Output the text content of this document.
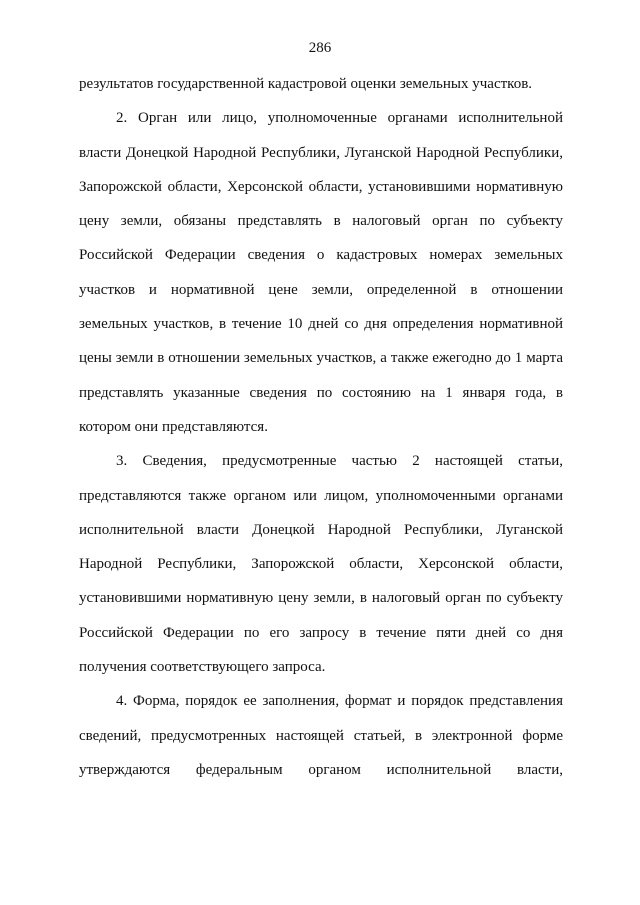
286
результатов государственной кадастровой оценки земельных участков.
2. Орган или лицо, уполномоченные органами исполнительной
власти Донецкой Народной Республики, Луганской Народной Республики,
Запорожской области, Херсонской области, установившими нормативную
цену земли, обязаны представлять в налоговый орган по субъекту
Российской Федерации сведения о кадастровых номерах земельных
участков и нормативной цене земли, определенной в отношении
земельных участков, в течение 10 дней со дня определения нормативной
цены земли в отношении земельных участков, а также ежегодно до 1 марта
представлять указанные сведения по состоянию на 1 января года, в
котором они представляются.
3. Сведения, предусмотренные частью 2 настоящей статьи,
представляются также органом или лицом, уполномоченными органами
исполнительной власти Донецкой Народной Республики, Луганской
Народной Республики, Запорожской области, Херсонской области,
установившими нормативную цену земли, в налоговый орган по субъекту
Российской Федерации по его запросу в течение пяти дней со дня
получения соответствующего запроса.
4. Форма, порядок ее заполнения, формат и порядок представления
сведений, предусмотренных настоящей статьей, в электронной форме
утверждаются федеральным органом исполнительной власти,
